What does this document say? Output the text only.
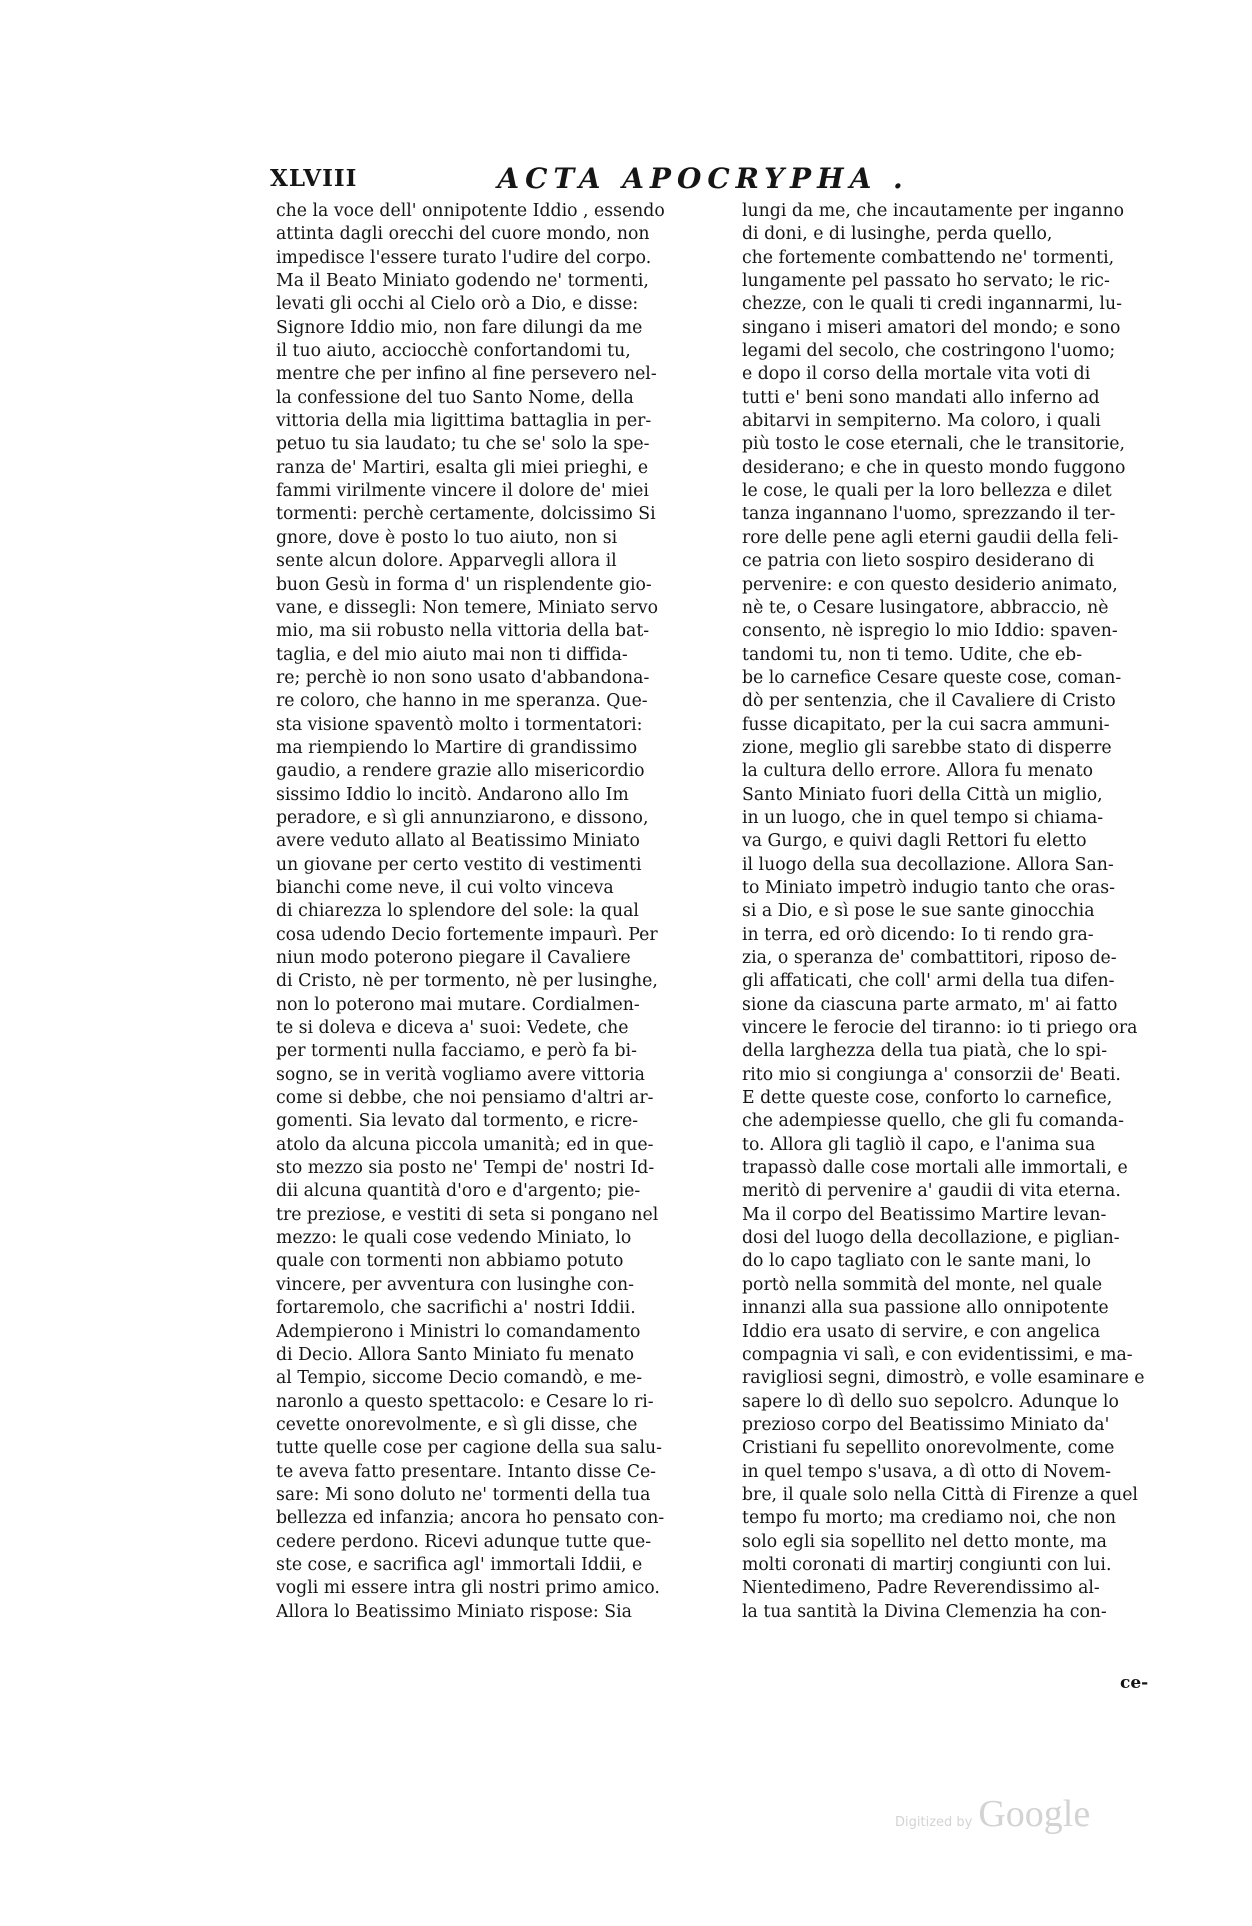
XLVIII	ACTA APOCRYPHA .
che la voce dell' onnipotente Iddio , essendo
attinta dagli orecchi del cuore mondo, non
impedisce l'essere turato l'udire del corpo.
Ma il Beato Miniato godendo ne' tormenti,
levati gli occhi al Cielo orò a Dio, e disse:
Signore Iddio mio, non fare dilungi da me
il tuo aiuto, acciocchè confortandomi tu,
mentre che per infino al fine persevero nel-
la confessione del tuo Santo Nome, della
vittoria della mia ligittima battaglia in per-
petuo tu sia laudato; tu che se' solo la spe-
ranza de' Martiri, esalta gli miei prieghi, e
fammi virilmente vincere il dolore de' miei
tormenti: perchè certamente, dolcissimo Si
gnore, dove è posto lo tuo aiuto, non si
sente alcun dolore. Apparvegli allora il
buon Gesù in forma d' un risplendente gio-
vane, e dissegli: Non temere, Miniato servo
mio, ma sii robusto nella vittoria della bat-
taglia, e del mio aiuto mai non ti diffida-
re; perchè io non sono usato d'abbandona-
re coloro, che hanno in me speranza. Que-
sta visione spaventò molto i tormentatori:
ma riempiendo lo Martire di grandissimo
gaudio, a rendere grazie allo misericordio
sissimo Iddio lo incitò. Andarono allo Im
peradore, e sì gli annunziarono, e dissono,
avere veduto allato al Beatissimo Miniato
un giovane per certo vestito di vestimenti
bianchi come neve, il cui volto vinceva
di chiarezza lo splendore del sole: la qual
cosa udendo Decio fortemente impaurì. Per
niun modo poterono piegare il Cavaliere
di Cristo, nè per tormento, nè per lusinghe,
non lo poterono mai mutare. Cordialmen-
te si doleva e diceva a' suoi: Vedete, che
per tormenti nulla facciamo, e però fa bi-
sogno, se in verità vogliamo avere vittoria
come si debbe, che noi pensiamo d'altri ar-
gomenti. Sia levato dal tormento, e ricre-
atolo da alcuna piccola umanità; ed in que-
sto mezzo sia posto ne' Tempi de' nostri Id-
dii alcuna quantità d'oro e d'argento; pie-
tre preziose, e vestiti di seta si pongano nel
mezzo: le quali cose vedendo Miniato, lo
quale con tormenti non abbiamo potuto
vincere, per avventura con lusinghe con-
fortaremolo, che sacrifichi a' nostri Iddii.
Adempierono i Ministri lo comandamento
di Decio. Allora Santo Miniato fu menato
al Tempio, siccome Decio comandò, e me-
naronlo a questo spettacolo: e Cesare lo ri-
cevette onorevolmente, e sì gli disse, che
tutte quelle cose per cagione della sua salu-
te aveva fatto presentare. Intanto disse Ce-
sare: Mi sono doluto ne' tormenti della tua
bellezza ed infanzia; ancora ho pensato con-
cedere perdono. Ricevi adunque tutte que-
ste cose, e sacrifica agl' immortali Iddii, e
vogli mi essere intra gli nostri primo amico.
Allora lo Beatissimo Miniato rispose: Sia
lungi da me, che incautamente per inganno
di doni, e di lusinghe, perda quello,
che fortemente combattendo ne' tormenti,
lungamente pel passato ho servato; le ric-
chezze, con le quali ti credi ingannarmi, lu-
singano i miseri amatori del mondo; e sono
legami del secolo, che costringono l'uomo;
e dopo il corso della mortale vita voti di
tutti e' beni sono mandati allo inferno ad
abitarvi in sempiterno. Ma coloro, i quali
più tosto le cose eternali, che le transitorie,
desiderano; e che in questo mondo fuggono
le cose, le quali per la loro bellezza e dilet
tanza ingannano l'uomo, sprezzando il ter-
rore delle pene agli eterni gaudii della feli-
ce patria con lieto sospiro desiderano di
pervenire: e con questo desiderio animato,
nè te, o Cesare lusingatore, abbraccio, nè
consento, nè ispregio lo mio Iddio: spaven-
tandomi tu, non ti temo. Udite, che eb-
be lo carnefice Cesare queste cose, coman-
dò per sentenzia, che il Cavaliere di Cristo
fusse dicapitato, per la cui sacra ammuni-
zione, meglio gli sarebbe stato di disperre
la cultura dello errore. Allora fu menato
Santo Miniato fuori della Città un miglio,
in un luogo, che in quel tempo si chiama-
va Gurgo, e quivi dagli Rettori fu eletto
il luogo della sua decollazione. Allora San-
to Miniato impetrò indugio tanto che oras-
si a Dio, e sì pose le sue sante ginocchia
in terra, ed orò dicendo: Io ti rendo gra-
zia, o speranza de' combattitori, riposo de-
gli affaticati, che coll' armi della tua difen-
sione da ciascuna parte armato, m' ai fatto
vincere le ferocie del tiranno: io ti priego ora
della larghezza della tua piatà, che lo spi-
rito mio si congiunga a' consorzii de' Beati.
E dette queste cose, conforto lo carnefice,
che adempiesse quello, che gli fu comanda-
to. Allora gli tagliò il capo, e l'anima sua
trapassò dalle cose mortali alle immortali, e
meritò di pervenire a' gaudii di vita eterna.
Ma il corpo del Beatissimo Martire levan-
dosi del luogo della decollazione, e piglian-
do lo capo tagliato con le sante mani, lo
portò nella sommità del monte, nel quale
innanzi alla sua passione allo onnipotente
Iddio era usato di servire, e con angelica
compagnia vi salì, e con evidentissimi, e ma-
ravigliosi segni, dimostrò, e volle esaminare e
sapere lo dì dello suo sepolcro. Adunque lo
prezioso corpo del Beatissimo Miniato da'
Cristiani fu sepellito onorevolmente, come
in quel tempo s'usava, a dì otto di Novem-
bre, il quale solo nella Città di Firenze a quel
tempo fu morto; ma crediamo noi, che non
solo egli sia sopellito nel detto monte, ma
molti coronati di martirj congiunti con lui.
Nientedimeno, Padre Reverendissimo al-
la tua santità la Divina Clemenzia ha con-
ce-
Digitized by Google
